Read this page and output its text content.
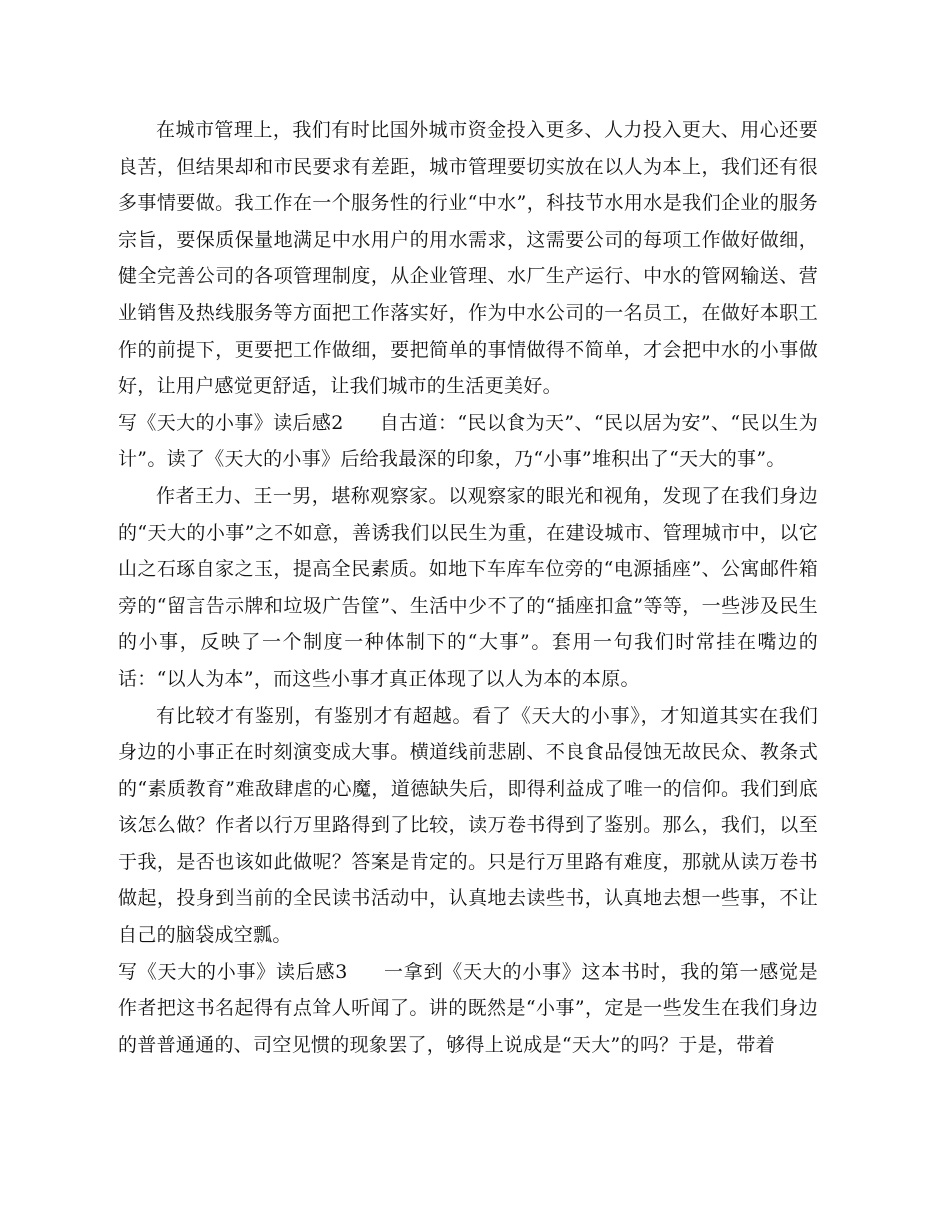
在城市管理上，我们有时比国外城市资金投入更多、人力投入更大、用心还要良苦，但结果却和市民要求有差距，城市管理要切实放在以人为本上，我们还有很多事情要做。我工作在一个服务性的行业“中水”，科技节水用水是我们企业的服务宗旨，要保质保量地满足中水用户的用水需求，这需要公司的每项工作做好做细，健全完善公司的各项管理制度，从企业管理、水厂生产运行、中水的管网输送、营业销售及热线服务等方面把工作落实好，作为中水公司的一名员工，在做好本职工作的前提下，更要把工作做细，要把简单的事情做得不简单，才会把中水的小事做好，让用户感觉更舒适，让我们城市的生活更美好。

写《天大的小事》读后感2 自古道：“民以食为天”、“民以居为安”、“民以生为计”。读了《天大的小事》后给我最深的印象，乃“小事”堆积出了“天大的事”。

作者王力、王一男，堪称观察家。以观察家的眼光和视角，发现了在我们身边的“天大的小事”之不如意，善诱我们以民生为重，在建设城市、管理城市中，以它山之石琢自家之玉，提高全民素质。如地下车库车位旁的“电源插座”、公寓邮件箱旁的“留言告示牌和垃圾广告筐”、生活中少不了的“插座扣盒”等等，一些涉及民生的小事，反映了一个制度一种体制下的“大事”。套用一句我们时常挂在嘴边的话：“以人为本”，而这些小事才真正体现了以人为本的本原。

有比较才有鉴别，有鉴别才有超越。看了《天大的小事》，才知道其实在我们身边的小事正在时刻演变成大事。横道线前悲剧、不良食品侵蚀无故民众、教条式的“素质教育”难敌肆虐的心魔，道德缺失后，即得利益成了唯一的信仰。我们到底该怎么做？作者以行万里路得到了比较，读万卷书得到了鉴别。那么，我们，以至于我，是否也该如此做呢？答案是肯定的。只是行万里路有难度，那就从读万卷书做起，投身到当前的全民读书活动中，认真地去读些书，认真地去想一些事，不让自己的脑袋成空瓢。

写《天大的小事》读后感3 一拿到《天大的小事》这本书时，我的第一感觉是作者把这书名起得有点耸人听闻了。讲的既然是“小事”，定是一些发生在我们身边的普普通通的、司空见惯的现象罢了，够得上说成是“天大”的吗？于是，带着
